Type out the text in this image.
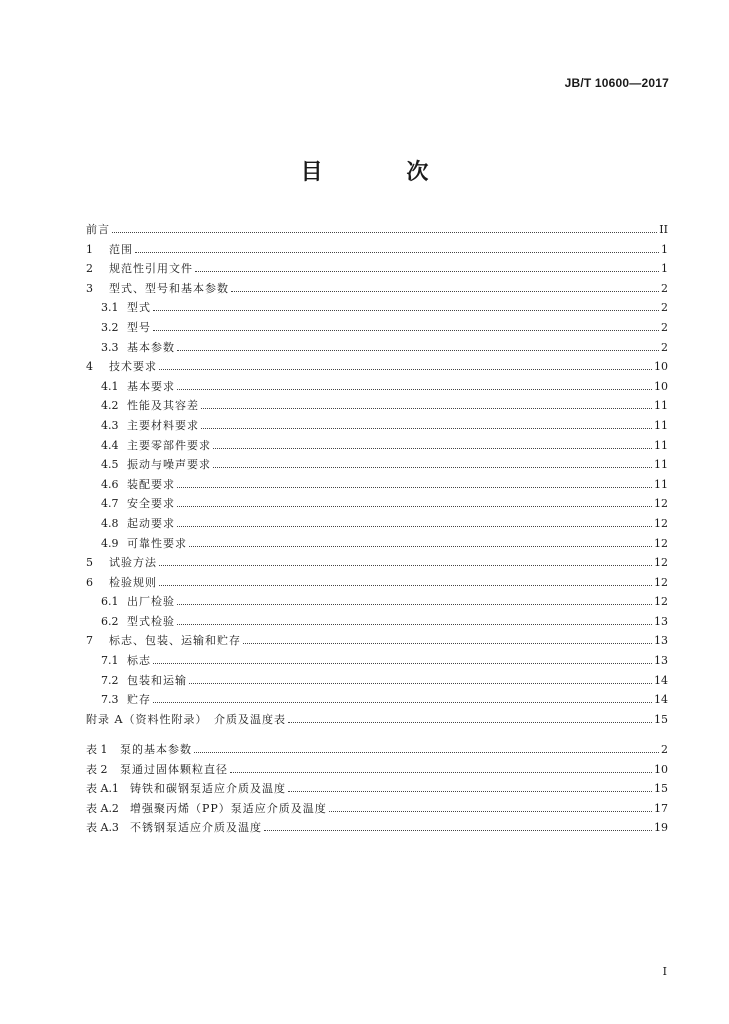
JB/T 10600—2017
目 次
前言	II
1	范围	1
2	规范性引用文件	1
3	型式、型号和基本参数	2
3.1 型式	2
3.2 型号	2
3.3 基本参数	2
4	技术要求	10
4.1 基本要求	10
4.2 性能及其容差	11
4.3 主要材料要求	11
4.4 主要零部件要求	11
4.5 振动与噪声要求	11
4.6 装配要求	11
4.7 安全要求	12
4.8 起动要求	12
4.9 可靠性要求	12
5	试验方法	12
6	检验规则	12
6.1 出厂检验	12
6.2 型式检验	13
7	标志、包装、运输和贮存	13
7.1 标志	13
7.2 包装和运输	14
7.3 贮存	14
附录 A（资料性附录）　介质及温度表	15
表 1	泵的基本参数	2
表 2	泵通过固体颗粒直径	10
表 A.1	铸铁和碳钢泵适应介质及温度	15
表 A.2	增强聚丙烯（PP）泵适应介质及温度	17
表 A.3	不锈钢泵适应介质及温度	19
I
